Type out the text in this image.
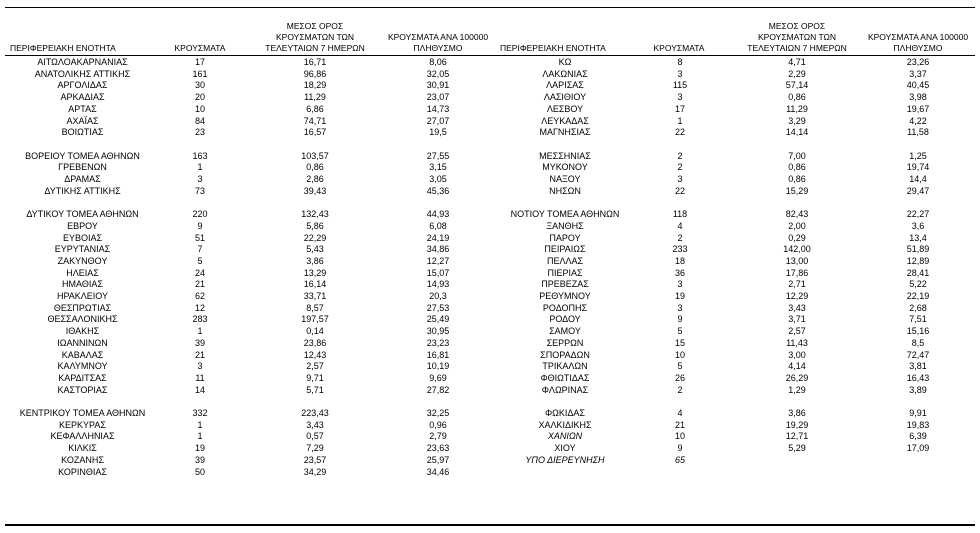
ΠΕΡΙΦΕΡΕΙΑΚΗ ΕΝΟΤΗΤΑ	ΚΡΟΥΣΜΑΤΑ
ΜΕΣΟΣ ΟΡΟΣ
ΚΡΟΥΣΜΑΤΩΝ ΤΩΝ
ΤΕΛΕΥΤΑΙΩΝ 7 ΗΜΕΡΩΝ
ΚΡΟΥΣΜΑΤΑ ΑΝΑ 100000
ΠΛΗΘΥΣΜΟ	ΠΕΡΙΦΕΡΕΙΑΚΗ ΕΝΟΤΗΤΑ	ΚΡΟΥΣΜΑΤΑ
ΜΕΣΟΣ ΟΡΟΣ
ΚΡΟΥΣΜΑΤΩΝ ΤΩΝ
ΤΕΛΕΥΤΑΙΩΝ 7 ΗΜΕΡΩΝ
ΚΡΟΥΣΜΑΤΑ ΑΝΑ 100000
ΠΛΗΘΥΣΜΟ
ΑΙΤΩΛΟΑΚΑΡΝΑΝΙΑΣ	17	16,71	8,06
ΑΝΑΤΟΛΙΚΗΣ ΑΤΤΙΚΗΣ	161	96,86	32,05
ΑΡΓΟΛΙΔΑΣ	30	18,29	30,91
ΑΡΚΑΔΙΑΣ	20	11,29	23,07
ΑΡΤΑΣ	10	6,86	14,73
ΑΧΑΪΑΣ	84	74,71	27,07
ΒΟΙΩΤΙΑΣ	23	16,57	19,5
ΒΟΡΕΙΟΥ ΤΟΜΕΑ ΑΘΗΝΩΝ	163	103,57	27,55
ΓΡΕΒΕΝΩΝ	1	0,86	3,15
ΔΡΑΜΑΣ	3	2,86	3,05
ΔΥΤΙΚΗΣ ΑΤΤΙΚΗΣ	73	39,43	45,36
ΔΥΤΙΚΟΥ ΤΟΜΕΑ ΑΘΗΝΩΝ	220	132,43	44,93
ΕΒΡΟΥ	9	5,86	6,08
ΕΥΒΟΙΑΣ	51	22,29	24,19
ΕΥΡΥΤΑΝΙΑΣ	7	5,43	34,86
ΖΑΚΥΝΘΟΥ	5	3,86	12,27
ΗΛΕΙΑΣ	24	13,29	15,07
ΗΜΑΘΙΑΣ	21	16,14	14,93
ΗΡΑΚΛΕΙΟΥ	62	33,71	20,3
ΘΕΣΠΡΩΤΙΑΣ	12	8,57	27,53
ΘΕΣΣΑΛΟΝΙΚΗΣ	283	197,57	25,49
ΙΘΑΚΗΣ	1	0,14	30,95
ΙΩΑΝΝΙΝΩΝ	39	23,86	23,23
ΚΑΒΑΛΑΣ	21	12,43	16,81
ΚΑΛΥΜΝΟΥ	3	2,57	10,19
ΚΑΡΔΙΤΣΑΣ	11	9,71	9,69
ΚΑΣΤΟΡΙΑΣ	14	5,71	27,82
ΚΕΝΤΡΙΚΟΥ ΤΟΜΕΑ ΑΘΗΝΩΝ	332	223,43	32,25
ΚΕΡΚΥΡΑΣ	1	3,43	0,96
ΚΕΦΑΛΛΗΝΙΑΣ	1	0,57	2,79
ΚΙΛΚΙΣ	19	7,29	23,63
ΚΟΖΑΝΗΣ	39	23,57	25,97
ΚΟΡΙΝΘΙΑΣ	50	34,29	34,46
ΚΩ	8	4,71	23,26
ΛΑΚΩΝΙΑΣ	3	2,29	3,37
ΛΑΡΙΣΑΣ	115	57,14	40,45
ΛΑΣΙΘΙΟΥ	3	0,86	3,98
ΛΕΣΒΟΥ	17	11,29	19,67
ΛΕΥΚΑΔΑΣ	1	3,29	4,22
ΜΑΓΝΗΣΙΑΣ	22	14,14	11,58
ΜΕΣΣΗΝΙΑΣ	2	7,00	1,25
ΜΥΚΟΝΟΥ	2	0,86	19,74
ΝΑΞΟΥ	3	0,86	14,4
ΝΗΣΩΝ	22	15,29	29,47
ΝΟΤΙΟΥ ΤΟΜΕΑ ΑΘΗΝΩΝ	118	82,43	22,27
ΞΑΝΘΗΣ	4	2,00	3,6
ΠΑΡΟΥ	2	0,29	13,4
ΠΕΙΡΑΙΩΣ	233	142,00	51,89
ΠΕΛΛΑΣ	18	13,00	12,89
ΠΙΕΡΙΑΣ	36	17,86	28,41
ΠΡΕΒΕΖΑΣ	3	2,71	5,22
ΡΕΘΥΜΝΟΥ	19	12,29	22,19
ΡΟΔΟΠΗΣ	3	3,43	2,68
ΡΟΔΟΥ	9	3,71	7,51
ΣΑΜΟΥ	5	2,57	15,16
ΣΕΡΡΩΝ	15	11,43	8,5
ΣΠΟΡΑΔΩΝ	10	3,00	72,47
ΤΡΙΚΑΛΩΝ	5	4,14	3,81
ΦΘΙΩΤΙΔΑΣ	26	26,29	16,43
ΦΛΩΡΙΝΑΣ	2	1,29	3,89
ΦΩΚΙΔΑΣ	4	3,86	9,91
ΧΑΛΚΙΔΙΚΗΣ	21	19,29	19,83
ΧΑΝΙΩΝ	10	12,71	6,39
ΧΙΟΥ	9	5,29	17,09
ΥΠΟ ΔΙΕΡΕΥΝΗΣΗ	65
